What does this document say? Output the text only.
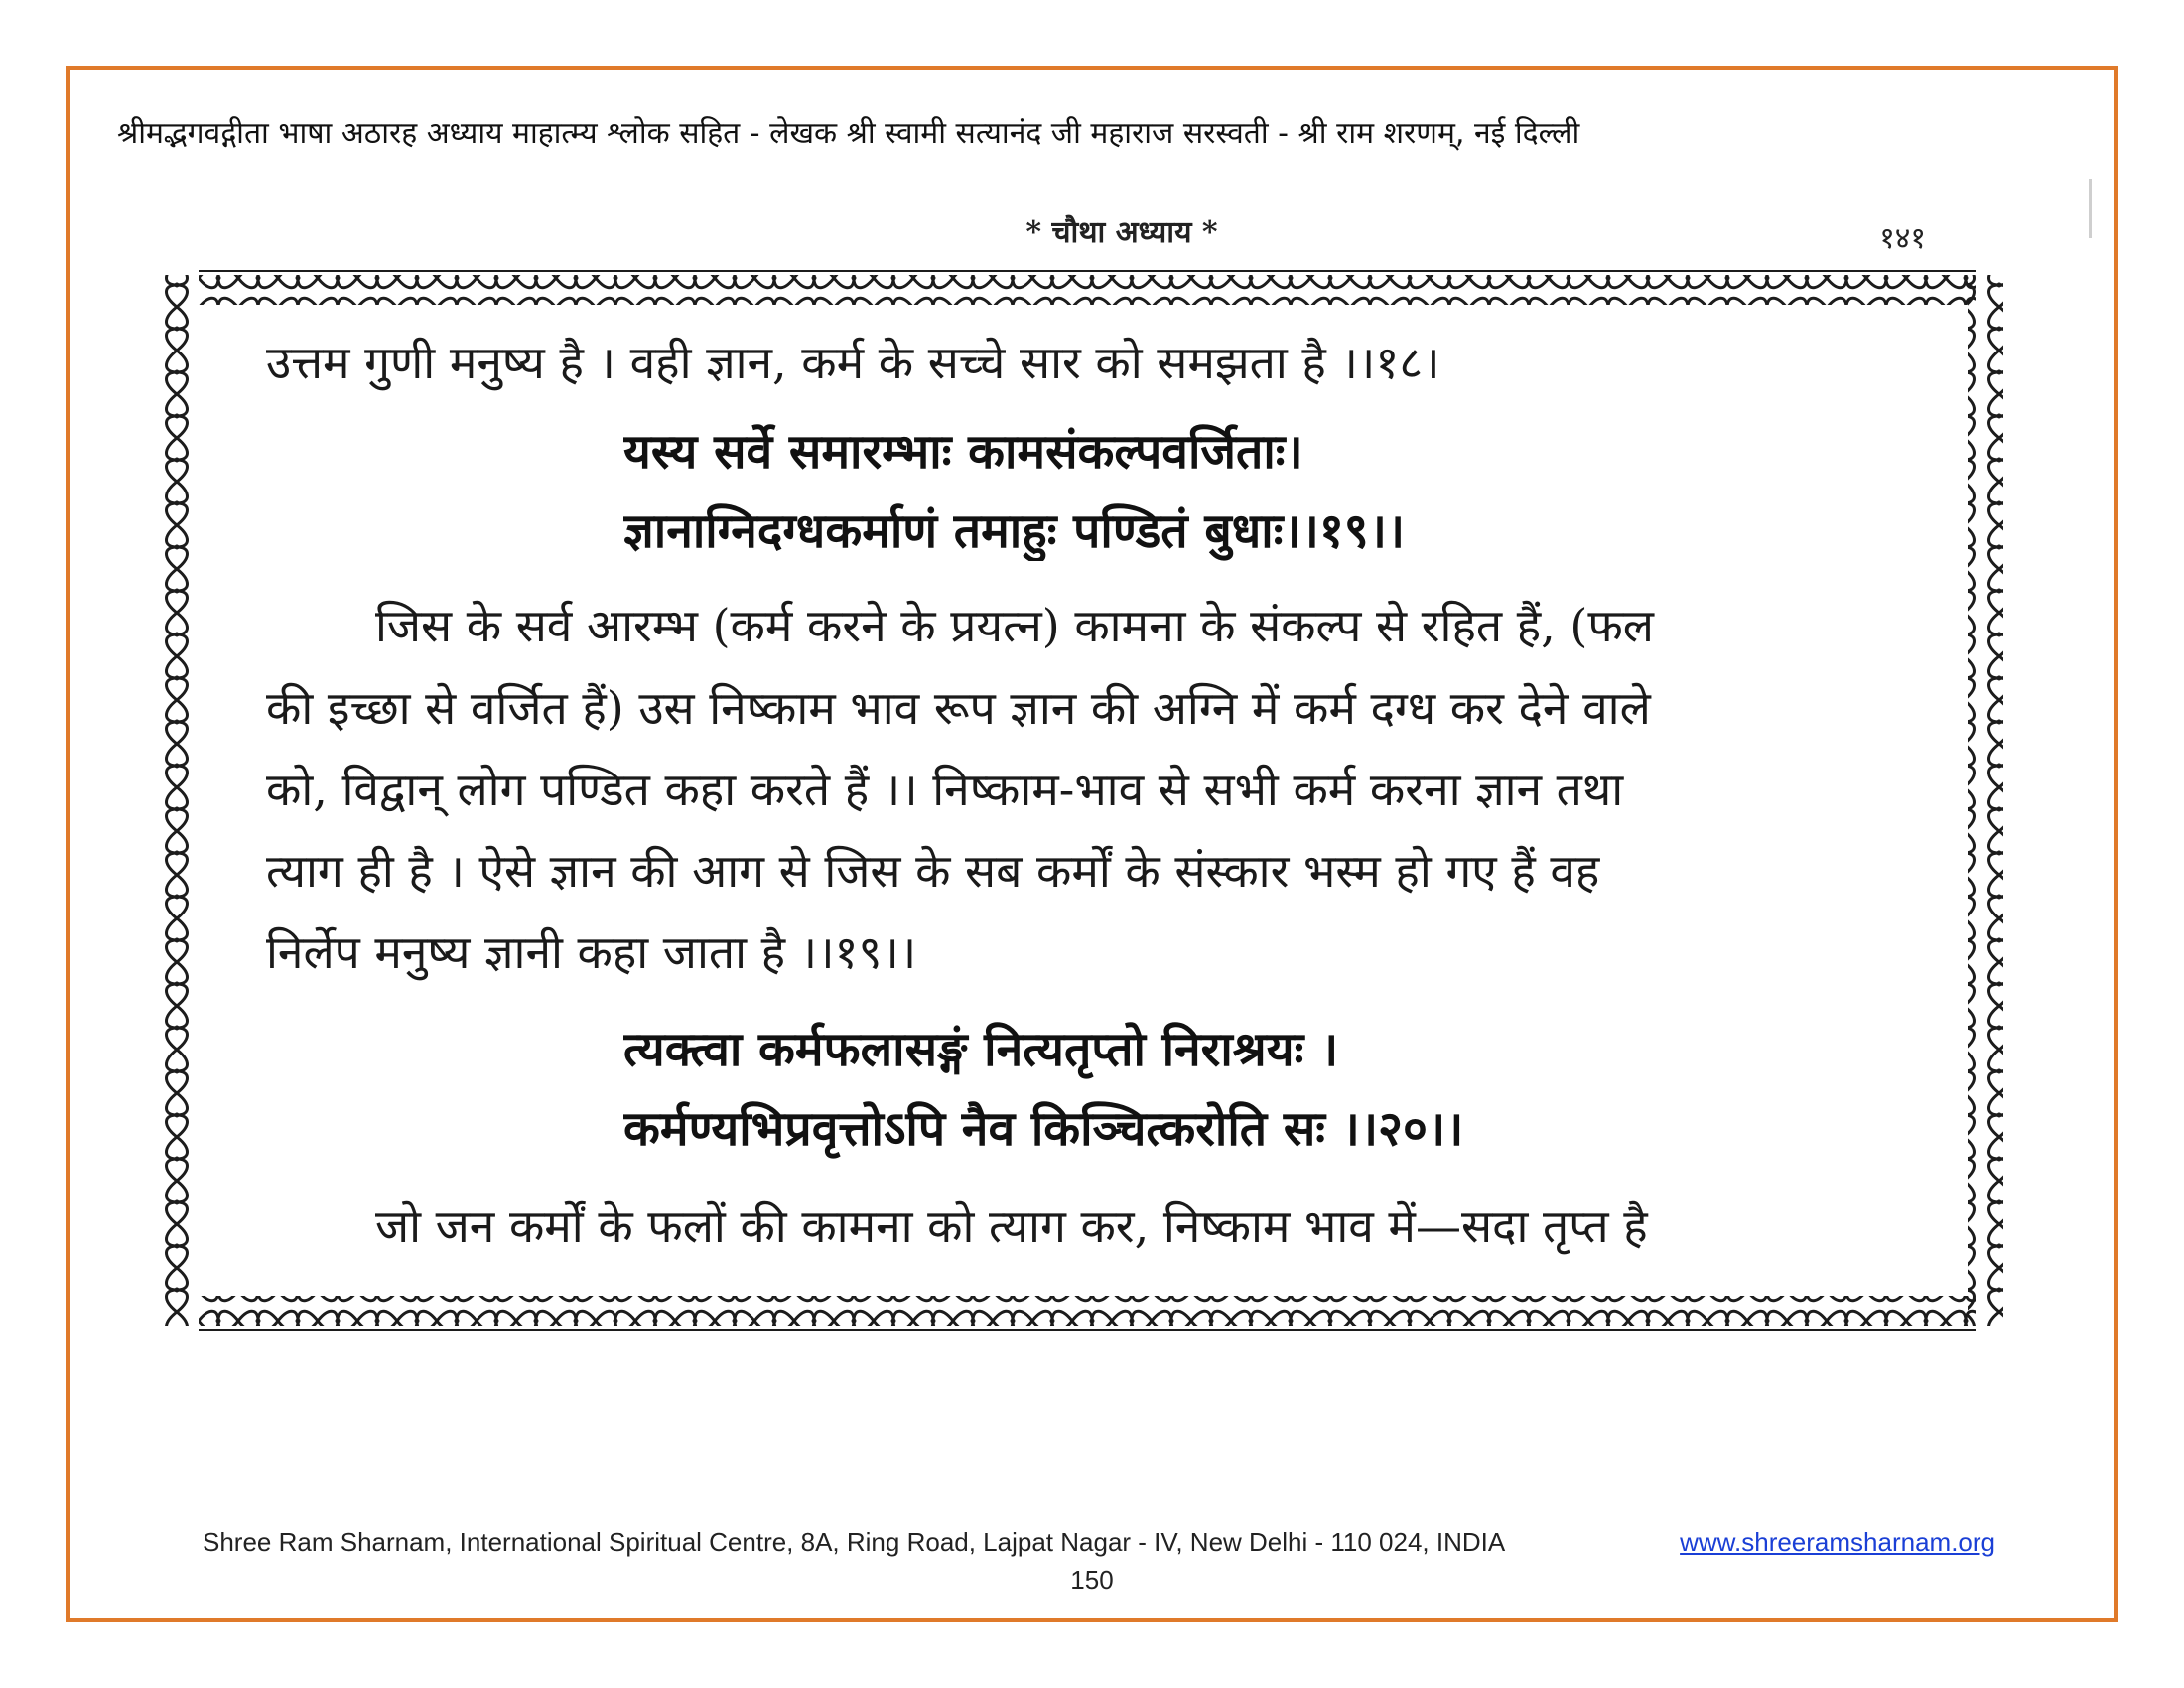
श्रीमद्भगवद्गीता भाषा अठारह अध्याय माहात्म्य श्लोक सहित - लेखक श्री स्वामी सत्यानंद जी महाराज सरस्वती - श्री राम शरणम्, नई दिल्ली
* चौथा अध्याय *	१४१
उत्तम गुणी मनुष्य है । वही ज्ञान, कर्म के सच्चे सार को समझता है ।।१८।
यस्य सर्वे समारम्भाः कामसंकल्पवर्जिताः।
ज्ञानाग्निदग्धकर्माणं तमाहुः पण्डितं बुधाः।।१९।।
जिस के सर्व आरम्भ (कर्म करने के प्रयत्न) कामना के संकल्प से रहित हैं, (फल
की इच्छा से वर्जित हैं) उस निष्काम भाव रूप ज्ञान की अग्नि में कर्म दग्ध कर देने वाले
को, विद्वान् लोग पण्डित कहा करते हैं ।। निष्काम-भाव से सभी कर्म करना ज्ञान तथा
त्याग ही है । ऐसे ज्ञान की आग से जिस के सब कर्मों के संस्कार भस्म हो गए हैं वह
निर्लेप मनुष्य ज्ञानी कहा जाता है ।।१९।।
त्यक्त्वा कर्मफलासङ्गं नित्यतृप्तो निराश्रयः ।
कर्मण्यभिप्रवृत्तोऽपि नैव किञ्चित्करोति सः ।।२०।।
जो जन कर्मों के फलों की कामना को त्याग कर, निष्काम भाव में—सदा तृप्त है
Shree Ram Sharnam, International Spiritual Centre, 8A, Ring Road, Lajpat Nagar - IV, New Delhi - 110 024, INDIA	www.shreeramsharnam.org
150
